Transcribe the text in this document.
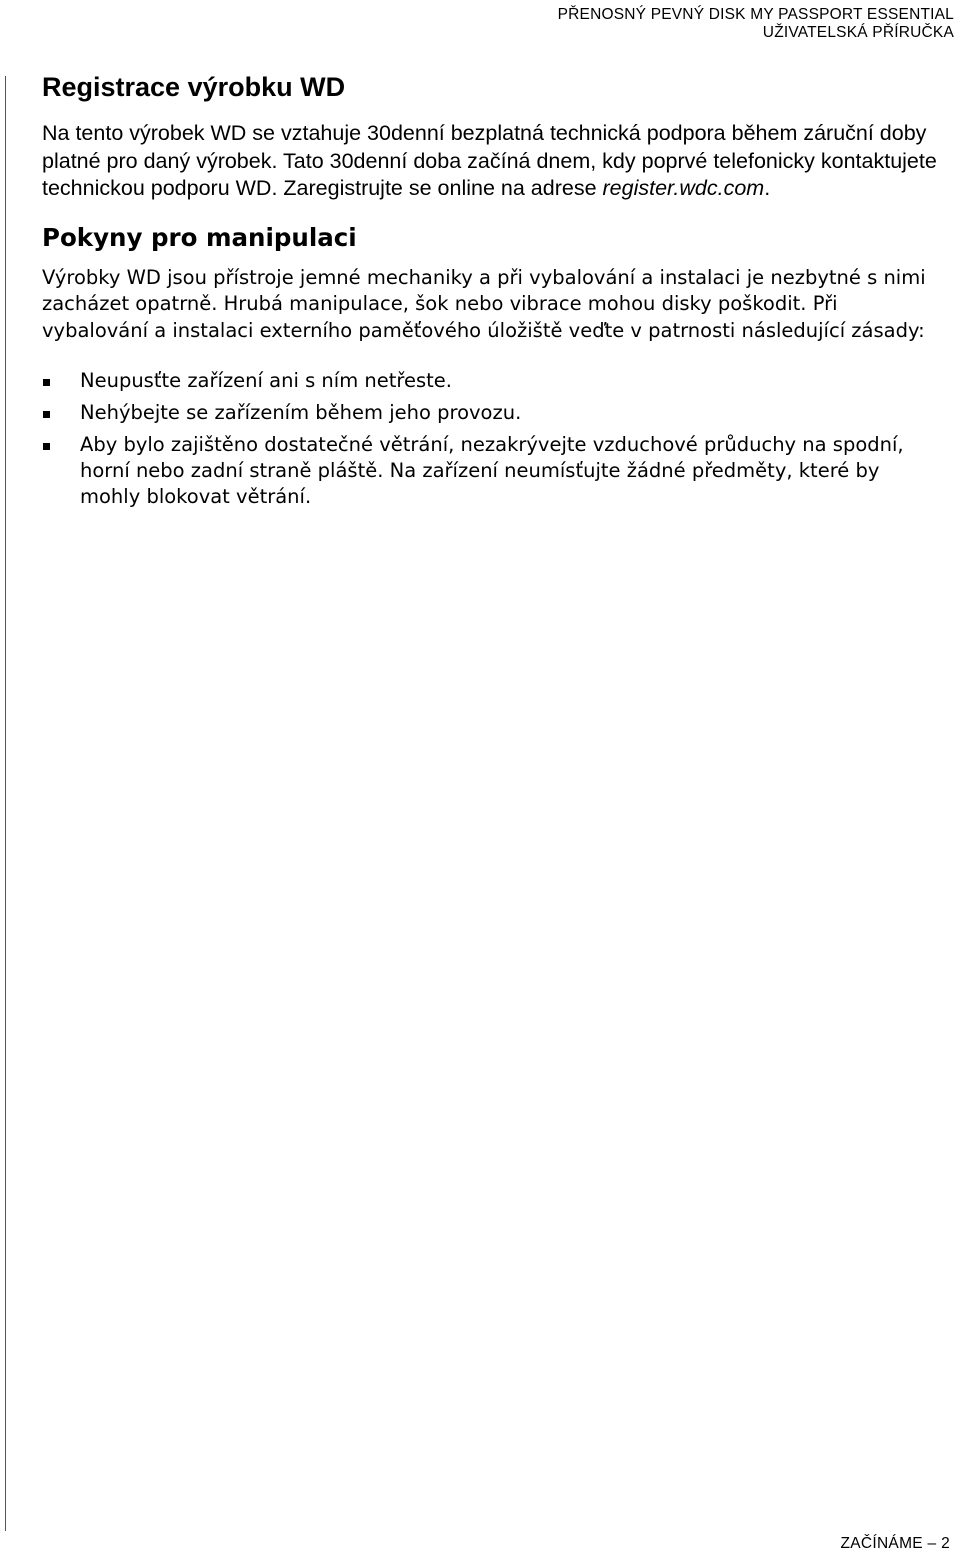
PŘENOSNÝ PEVNÝ DISK MY PASSPORT ESSENTIAL
UŽIVATELSKÁ PŘÍRUČKA
Registrace výrobku WD

Na tento výrobek WD se vztahuje 30denní bezplatná technická podpora během záruční doby platné pro daný výrobek. Tato 30denní doba začíná dnem, kdy poprvé telefonicky kontaktujete technickou podporu WD. Zaregistrujte se online na adrese register.wdc.com.

Pokyny pro manipulaci

Výrobky WD jsou přístroje jemné mechaniky a při vybalování a instalaci je nezbytné s nimi zacházet opatrně. Hrubá manipulace, šok nebo vibrace mohou disky poškodit. Při vybalování a instalaci externího paměťového úložiště veďte v patrnosti následující zásady:

Neupusťte zařízení ani s ním netřeste.
Nehýbejte se zařízením během jeho provozu.
Aby bylo zajištěno dostatečné větrání, nezakrývejte vzduchové průduchy na spodní, horní nebo zadní straně pláště. Na zařízení neumísťujte žádné předměty, které by mohly blokovat větrání.
ZAČÍNÁME – 2
